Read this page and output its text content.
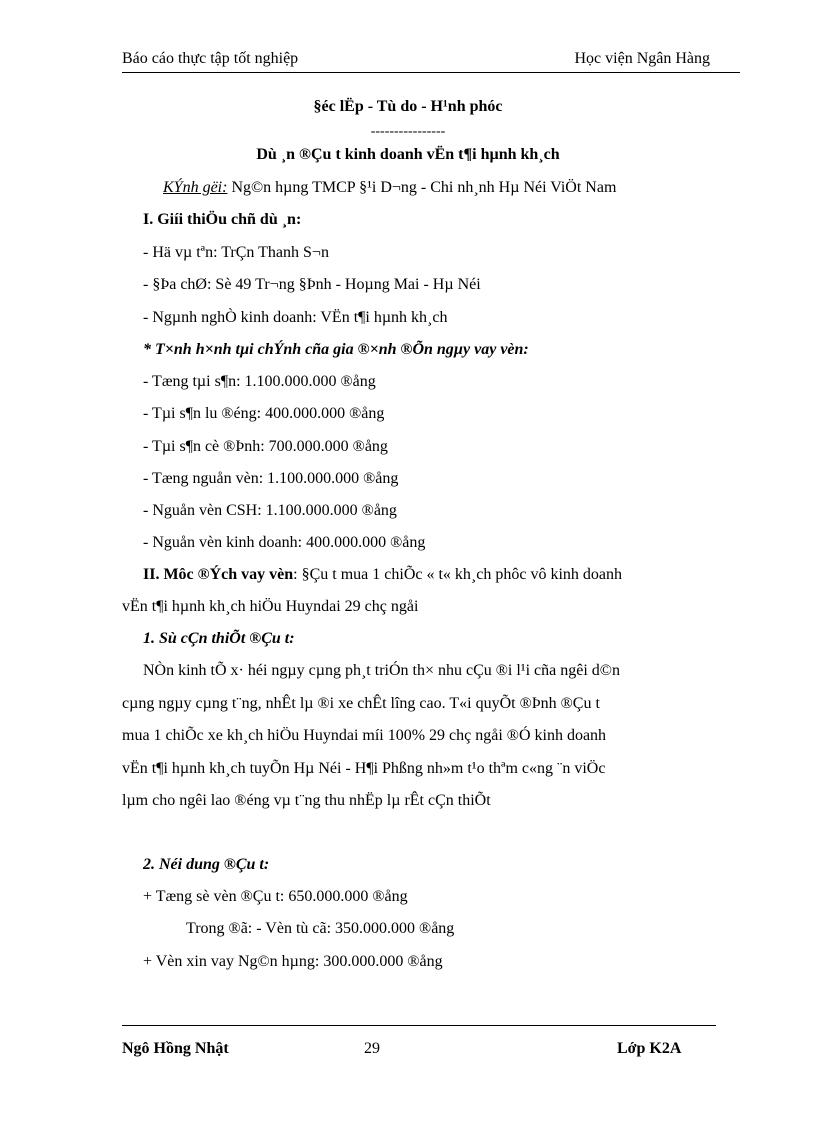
Báo cáo thực tập tốt nghiệp	Học viện Ngân Hàng
§éc lËp - Tù do - H¹nh phóc
----------------
Dù ¸n ®Çu t kinh doanh vËn t¶i hµnh kh¸ch
KÝnh gëi: Ng©n hµng TMCP §¹i D¬ng - Chi nh¸nh Hµ Néi ViÖt Nam
I. Giíi thiÖu chñ dù ¸n:
- Hä vµ tªn: TrÇn Thanh S¬n
- §Þa chØ: Sè 49 Tr¬ng §Þnh - Hoµng Mai - Hµ Néi
- Ngµnh nghÒ kinh doanh: VËn t¶i hµnh kh¸ch
* T×nh h×nh tµi chÝnh cña gia ®×nh ®Õn ngµy vay vèn:
- Tæng tµi s¶n: 1.100.000.000 ®ång
- Tµi s¶n lu ®éng: 400.000.000 ®ång
- Tµi s¶n cè ®Þnh: 700.000.000 ®ång
- Tæng nguån vèn: 1.100.000.000 ®ång
- Nguån vèn CSH: 1.100.000.000 ®ång
- Nguån vèn kinh doanh: 400.000.000 ®ång
II. Môc ®Ých vay vèn: §Çu t mua 1 chiÕc « t« kh¸ch phôc vô kinh doanh
vËn t¶i hµnh kh¸ch hiÖu Huyndai 29 chç ngåi
1. Sù cÇn thiÕt ®Çu t:
NÒn kinh tÕ x· héi ngµy cµng ph¸t triÓn th× nhu cÇu ®i l¹i cña ngêi d©n
cµng ngµy cµng t¨ng, nhÊt lµ ®i xe chÊt lîng cao. T«i quyÕt ®Þnh ®Çu t
mua 1 chiÕc xe kh¸ch hiÖu Huyndai míi 100% 29 chç ngåi ®Ó kinh doanh
vËn t¶i hµnh kh¸ch tuyÕn Hµ Néi - H¶i Phßng nh»m t¹o thªm c«ng ¨n viÖc
lµm cho ngêi lao ®éng vµ t¨ng thu nhËp lµ rÊt cÇn thiÕt
2. Néi dung ®Çu t:
+ Tæng sè vèn ®Çu t: 650.000.000 ®ång
Trong ®ã: - Vèn tù cã: 350.000.000 ®ång
+ Vèn xin vay Ng©n hµng: 300.000.000 ®ång
Ngô Hồng Nhật	29	Lớp K2A
